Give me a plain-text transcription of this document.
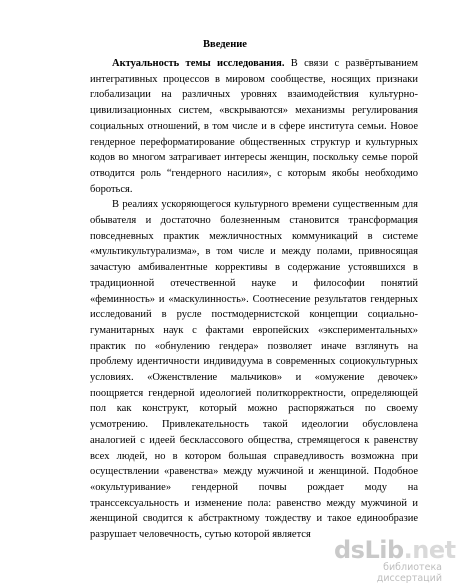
Введение

Актуальность темы исследования. В связи с развёртыванием интегративных процессов в мировом сообществе, носящих признаки глобализации на различных уровнях взаимодействия культурно-цивилизационных систем, «вскрываются» механизмы регулирования социальных отношений, в том числе и в сфере института семьи. Новое гендерное переформатирование общественных структур и культурных кодов во многом затрагивает интересы женщин, поскольку семье порой отводится роль “гендерного насилия», с которым якобы необходимо бороться.

В реалиях ускоряющегося культурного времени существенным для обывателя и достаточно болезненным становится трансформация повседневных практик межличностных коммуникаций в системе «мультикультурализма», в том числе и между полами, привносящая зачастую амбивалентные коррективы в содержание устоявшихся в традиционной отечественной науке и философии понятий «феминность» и «маскулинность». Соотнесение результатов гендерных исследований в русле постмодернистской концепции социально-гуманитарных наук с фактами европейских «экспериментальных» практик по «обнулению гендера» позволяет иначе взглянуть на проблему идентичности индивидуума в современных социокультурных условиях. «Оженствление мальчиков» и «омужение девочек» поощряется гендерной идеологией политкорректности, определяющей пол как конструкт, который можно распоряжаться по своему усмотрению. Привлекательность такой идеологии обусловлена аналогией с идеей бесклассового общества, стремящегося к равенству всех людей, но в котором большая справедливость возможна при осуществлении «равенства» между мужчиной и женщиной. Подобное «окультуривание» гендерной почвы рождает моду на транссексуальность и изменение пола: равенство между мужчиной и женщиной сводится к абстрактному тождеству и такое единообразие разрушает человечность, сутью которой является

dsLib.net
библиотека диссертаций
